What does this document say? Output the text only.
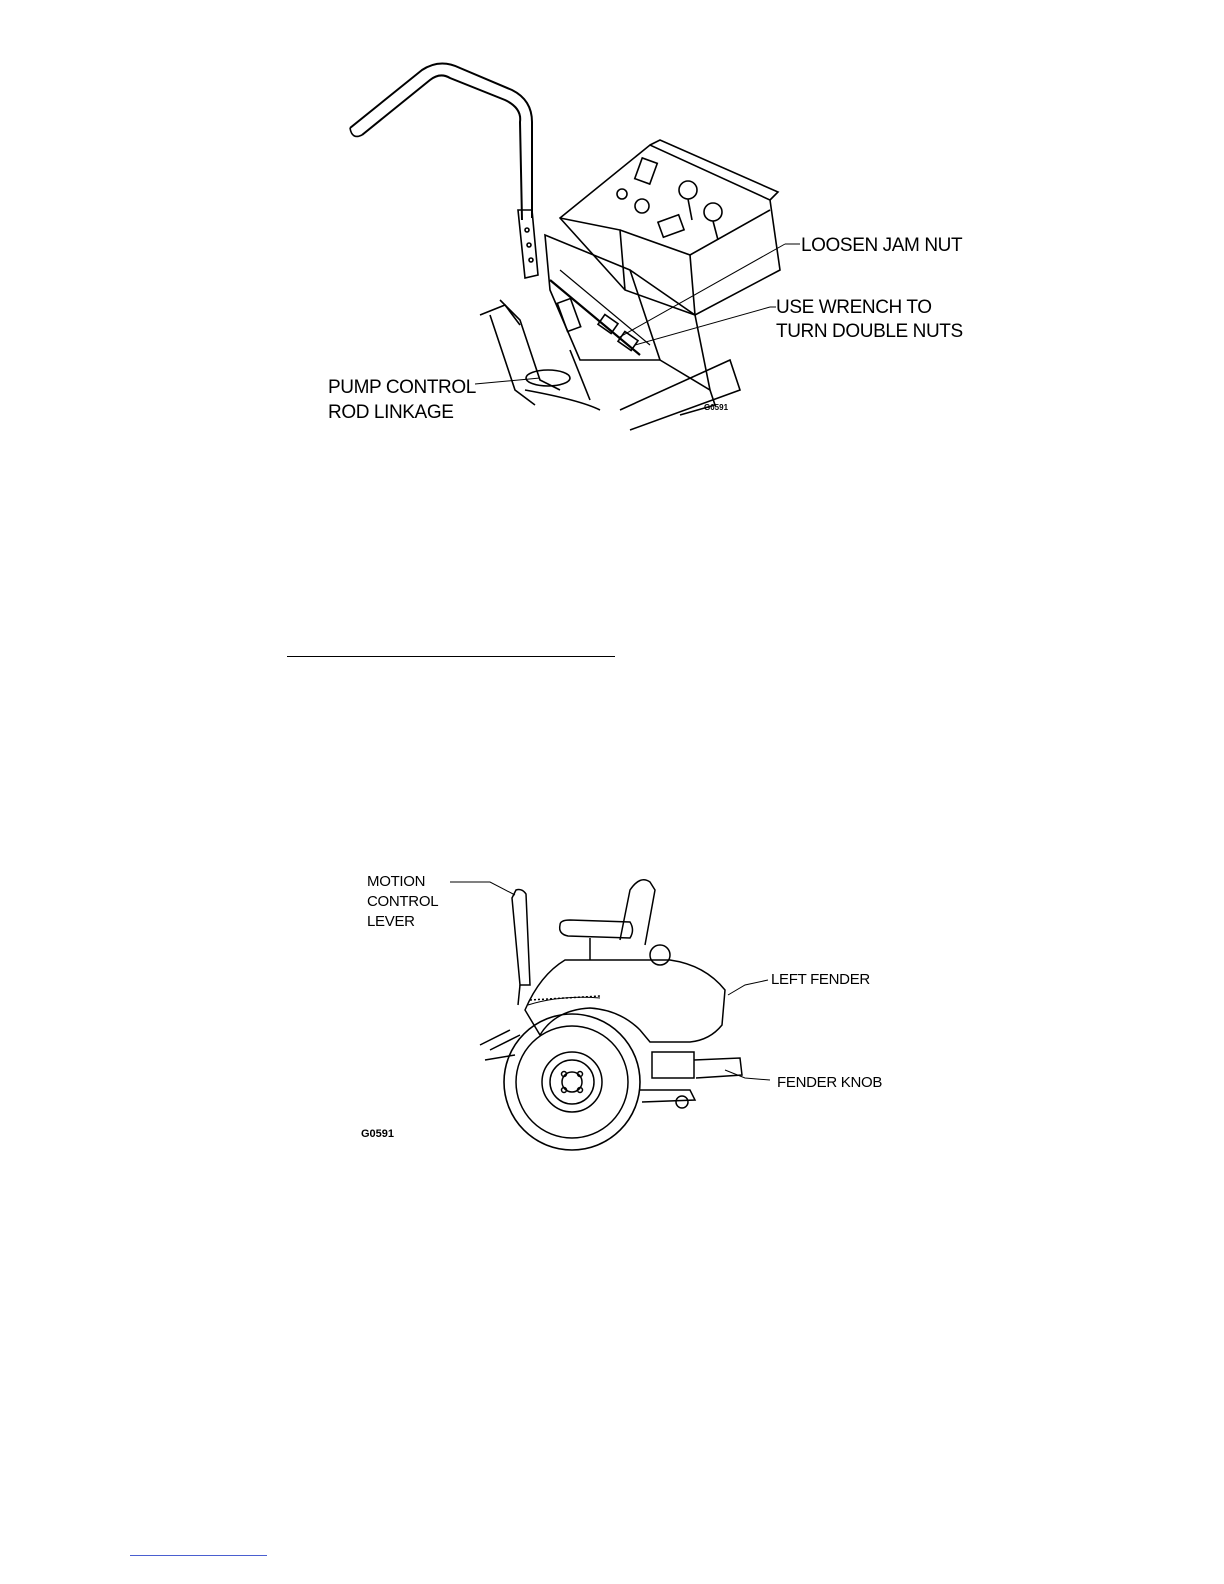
LOOSEN JAM NUT
USE WRENCH TO
TURN DOUBLE NUTS
PUMP CONTROL
ROD LINKAGE	G0591
MOTION
CONTROL
LEVER
LEFT FENDER
FENDER KNOB
G0591
